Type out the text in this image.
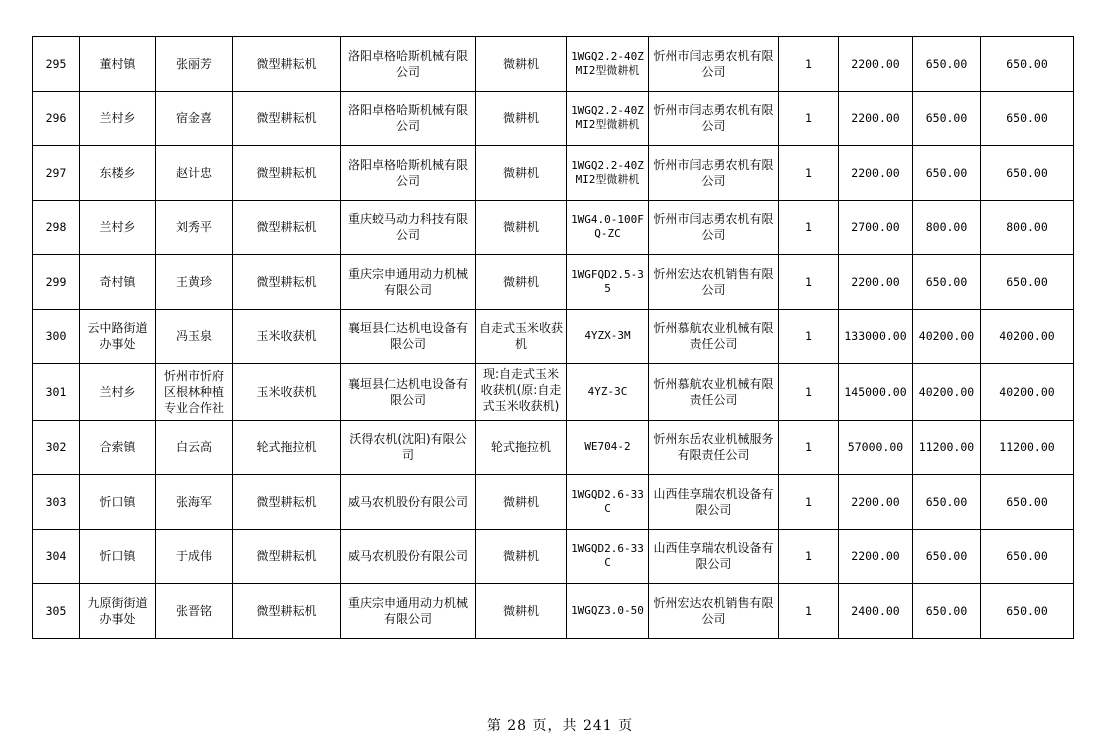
295	董村镇	张丽芳	微型耕耘机	洛阳卓格哈斯机械有限公司	微耕机	1WGQ2.2-40ZMI2型微耕机	忻州市闫志勇农机有限公司	1	2200.00	650.00	650.00
296	兰村乡	宿金喜	微型耕耘机	洛阳卓格哈斯机械有限公司	微耕机	1WGQ2.2-40ZMI2型微耕机	忻州市闫志勇农机有限公司	1	2200.00	650.00	650.00
297	东楼乡	赵计忠	微型耕耘机	洛阳卓格哈斯机械有限公司	微耕机	1WGQ2.2-40ZMI2型微耕机	忻州市闫志勇农机有限公司	1	2200.00	650.00	650.00
298	兰村乡	刘秀平	微型耕耘机	重庆蛟马动力科技有限公司	微耕机	1WG4.0-100FQ-ZC	忻州市闫志勇农机有限公司	1	2700.00	800.00	800.00
299	奇村镇	王黄珍	微型耕耘机	重庆宗申通用动力机械有限公司	微耕机	1WGFQD2.5-35	忻州宏达农机销售有限公司	1	2200.00	650.00	650.00
300	云中路街道办事处	冯玉泉	玉米收获机	襄垣县仁达机电设备有限公司	自走式玉米收获机	4YZX-3M	忻州慕航农业机械有限责任公司	1	133000.00	40200.00	40200.00
301	兰村乡	忻州市忻府区根林种植专业合作社	玉米收获机	襄垣县仁达机电设备有限公司	现:自走式玉米收获机(原:自走式玉米收获机)	4YZ-3C	忻州慕航农业机械有限责任公司	1	145000.00	40200.00	40200.00
302	合索镇	白云高	轮式拖拉机	沃得农机(沈阳)有限公司	轮式拖拉机	WE704-2	忻州东岳农业机械服务有限责任公司	1	57000.00	11200.00	11200.00
303	忻口镇	张海军	微型耕耘机	威马农机股份有限公司	微耕机	1WGQD2.6-33C	山西佳享瑞农机设备有限公司	1	2200.00	650.00	650.00
304	忻口镇	于成伟	微型耕耘机	威马农机股份有限公司	微耕机	1WGQD2.6-33C	山西佳享瑞农机设备有限公司	1	2200.00	650.00	650.00
305	九原街街道办事处	张晋铭	微型耕耘机	重庆宗申通用动力机械有限公司	微耕机	1WGQZ3.0-50	忻州宏达农机销售有限公司	1	2400.00	650.00	650.00
第 28 页，共 241 页
